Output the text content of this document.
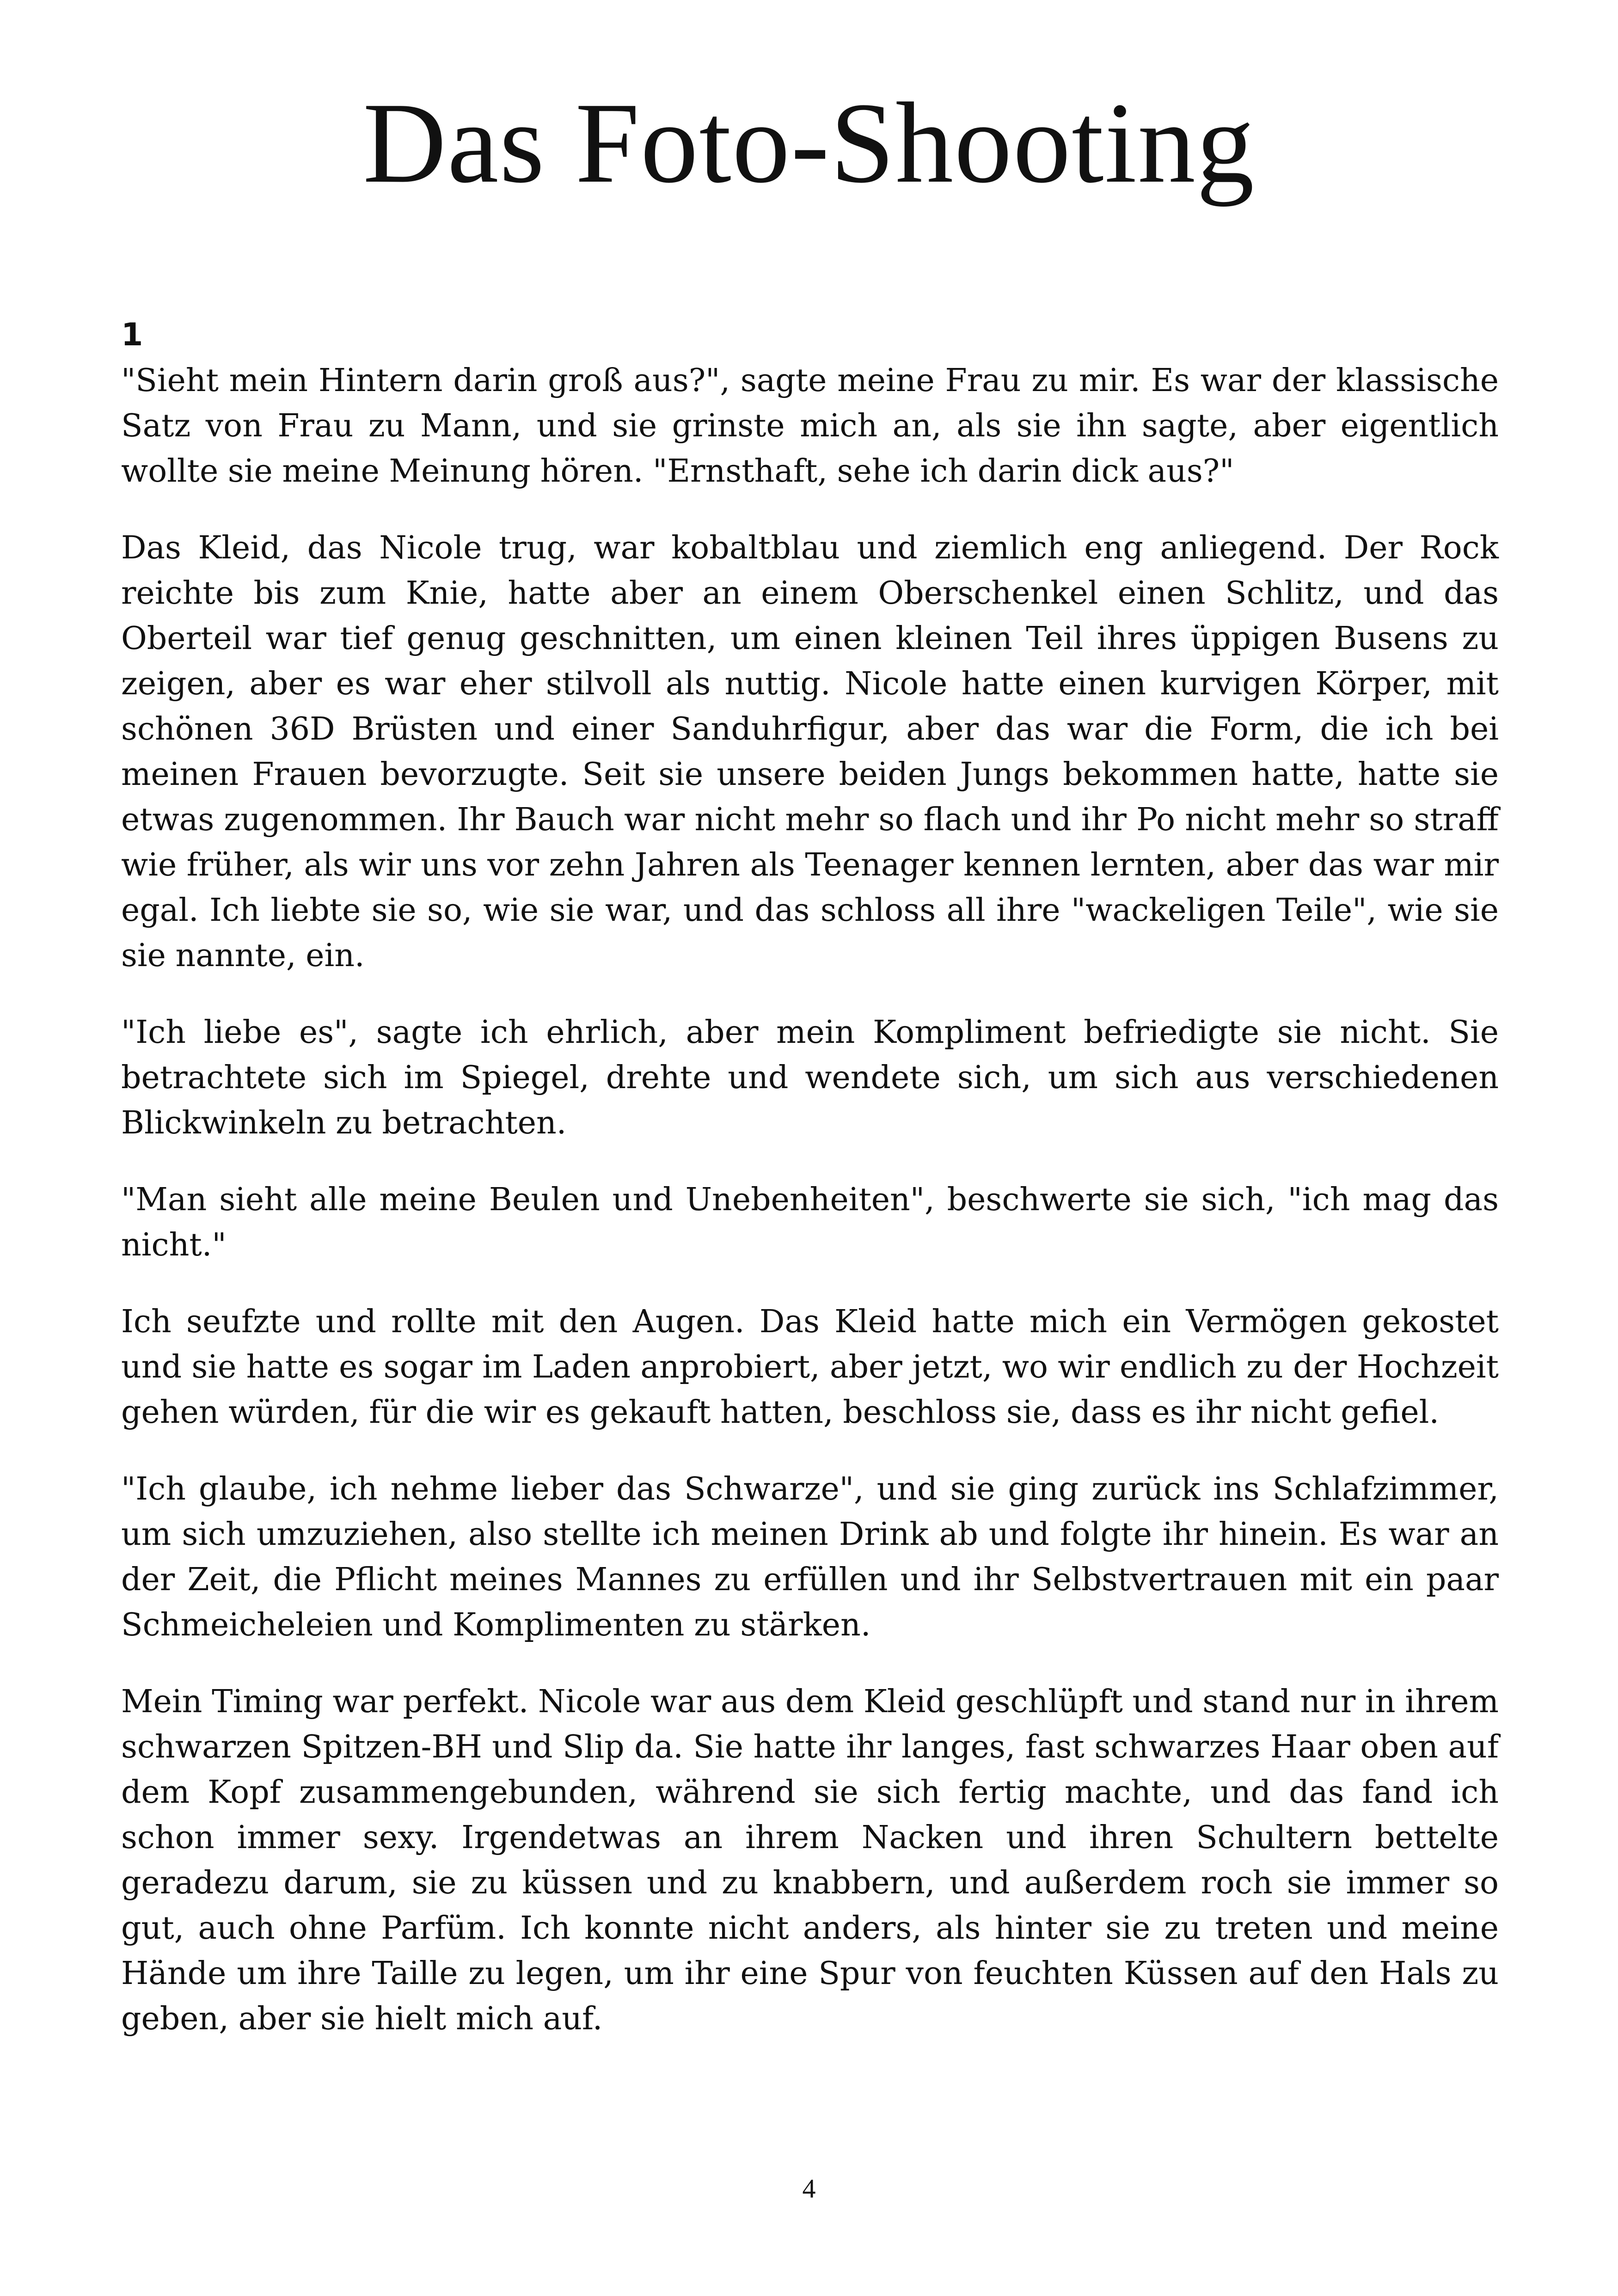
Das Foto-Shooting

1

"Sieht mein Hintern darin groß aus?", sagte meine Frau zu mir. Es war der klassische Satz von Frau zu Mann, und sie grinste mich an, als sie ihn sagte, aber eigentlich wollte sie meine Meinung hören. "Ernsthaft, sehe ich darin dick aus?"

Das Kleid, das Nicole trug, war kobaltblau und ziemlich eng anliegend. Der Rock reichte bis zum Knie, hatte aber an einem Oberschenkel einen Schlitz, und das Oberteil war tief genug geschnitten, um einen kleinen Teil ihres üppigen Busens zu zeigen, aber es war eher stilvoll als nuttig. Nicole hatte einen kurvigen Körper, mit schönen 36D Brüsten und einer Sanduhrfigur, aber das war die Form, die ich bei meinen Frauen bevorzugte. Seit sie unsere beiden Jungs bekommen hatte, hatte sie etwas zugenommen. Ihr Bauch war nicht mehr so flach und ihr Po nicht mehr so straff wie früher, als wir uns vor zehn Jahren als Teenager kennen lernten, aber das war mir egal. Ich liebte sie so, wie sie war, und das schloss all ihre "wackeligen Teile", wie sie sie nannte, ein.

"Ich liebe es", sagte ich ehrlich, aber mein Kompliment befriedigte sie nicht. Sie betrachtete sich im Spiegel, drehte und wendete sich, um sich aus verschiedenen Blickwinkeln zu betrachten.

"Man sieht alle meine Beulen und Unebenheiten", beschwerte sie sich, "ich mag das nicht."

Ich seufzte und rollte mit den Augen. Das Kleid hatte mich ein Vermögen gekostet und sie hatte es sogar im Laden anprobiert, aber jetzt, wo wir endlich zu der Hochzeit gehen würden, für die wir es gekauft hatten, beschloss sie, dass es ihr nicht gefiel.

"Ich glaube, ich nehme lieber das Schwarze", und sie ging zurück ins Schlafzimmer, um sich umzuziehen, also stellte ich meinen Drink ab und folgte ihr hinein. Es war an der Zeit, die Pflicht meines Mannes zu erfüllen und ihr Selbstvertrauen mit ein paar Schmeicheleien und Komplimenten zu stärken.

Mein Timing war perfekt. Nicole war aus dem Kleid geschlüpft und stand nur in ihrem schwarzen Spitzen-BH und Slip da. Sie hatte ihr langes, fast schwarzes Haar oben auf dem Kopf zusammengebunden, während sie sich fertig machte, und das fand ich schon immer sexy. Irgendetwas an ihrem Nacken und ihren Schultern bettelte geradezu darum, sie zu küssen und zu knabbern, und außerdem roch sie immer so gut, auch ohne Parfüm. Ich konnte nicht anders, als hinter sie zu treten und meine Hände um ihre Taille zu legen, um ihr eine Spur von feuchten Küssen auf den Hals zu geben, aber sie hielt mich auf.

4
